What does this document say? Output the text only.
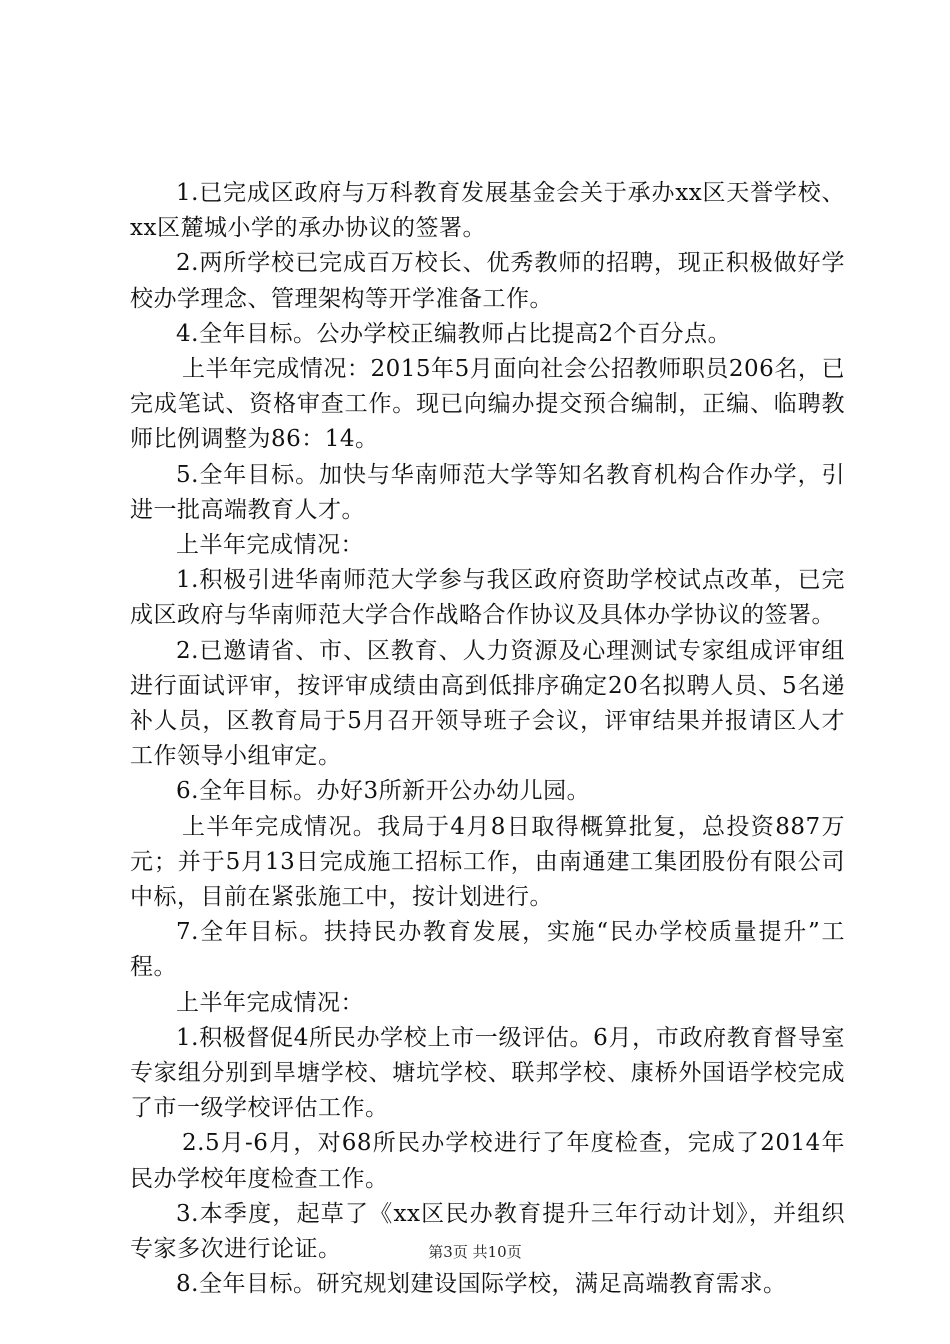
1.已完成区政府与万科教育发展基金会关于承办xx区天誉学校、xx区麓城小学的承办协议的签署。

2.两所学校已完成百万校长、优秀教师的招聘，现正积极做好学校办学理念、管理架构等开学准备工作。

4.全年目标。公办学校正编教师占比提高2个百分点。

上半年完成情况：2015年5月面向社会公招教师职员206名，已完成笔试、资格审查工作。现已向编办提交预合编制，正编、临聘教师比例调整为86：14。

5.全年目标。加快与华南师范大学等知名教育机构合作办学，引进一批高端教育人才。

上半年完成情况：

1.积极引进华南师范大学参与我区政府资助学校试点改革，已完成区政府与华南师范大学合作战略合作协议及具体办学协议的签署。

2.已邀请省、市、区教育、人力资源及心理测试专家组成评审组进行面试评审，按评审成绩由高到低排序确定20名拟聘人员、5名递补人员，区教育局于5月召开领导班子会议，评审结果并报请区人才工作领导小组审定。

6.全年目标。办好3所新开公办幼儿园。

上半年完成情况。我局于4月8日取得概算批复，总投资887万元；并于5月13日完成施工招标工作，由南通建工集团股份有限公司中标，目前在紧张施工中，按计划进行。

7.全年目标。扶持民办教育发展，实施“民办学校质量提升”工程。

上半年完成情况：

1.积极督促4所民办学校上市一级评估。6月，市政府教育督导室专家组分别到旱塘学校、塘坑学校、联邦学校、康桥外国语学校完成了市一级学校评估工作。

2.5月-6月，对68所民办学校进行了年度检查，完成了2014年民办学校年度检查工作。

3.本季度，起草了《xx区民办教育提升三年行动计划》，并组织专家多次进行论证。

8.全年目标。研究规划建设国际学校，满足高端教育需求。

第3页 共10页
